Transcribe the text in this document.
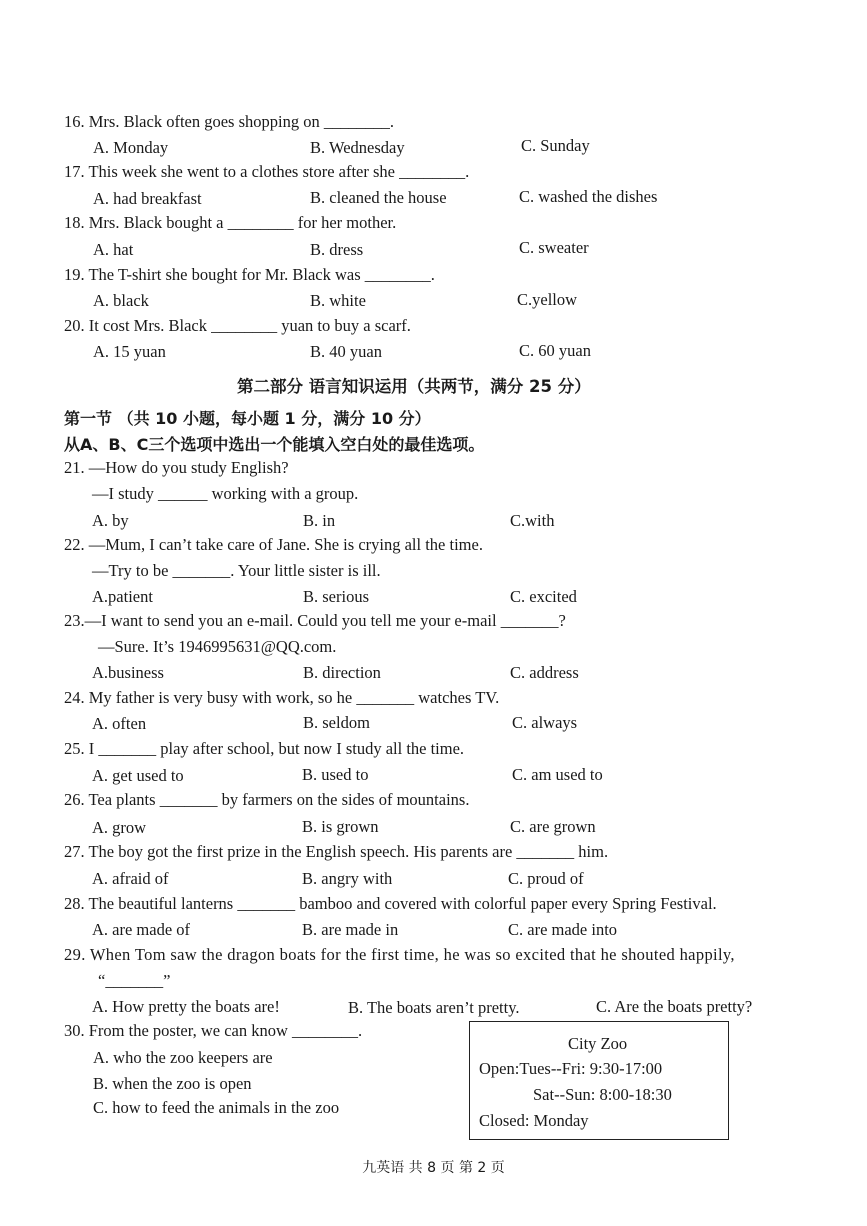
16. Mrs. Black often goes shopping on ________.
A. Monday	B. Wednesday	C. Sunday
17. This week she went to a clothes store after she ________.
A. had breakfast	B. cleaned the house	C. washed the dishes
18. Mrs. Black bought a ________ for her mother.
A. hat	B. dress	C. sweater
19. The T-shirt she bought for Mr. Black was ________.
A. black	B. white	C.yellow
20. It cost Mrs. Black ________ yuan to buy a scarf.
A. 15 yuan	B. 40 yuan	C. 60 yuan
第二部分 语言知识运用（共两节，满分 25 分）
第一节 （共 10 小题，每小题 1 分，满分 10 分）
从A、B、C三个选项中选出一个能填入空白处的最佳选项。
21. —How do you study English?
—I study ______ working with a group.
A. by	B. in	C.with
22. —Mum, I can’t take care of Jane. She is crying all the time.
—Try to be _______. Your little sister is ill.
A.patient	B. serious	C. excited
23.—I want to send you an e-mail. Could you tell me your e-mail _______?
—Sure. It’s 1946995631@QQ.com.
A.business	B. direction	C. address
24. My father is very busy with work, so he _______ watches TV.
A. often	B. seldom	C. always
25. I _______ play after school, but now I study all the time.
A. get used to	B. used to	C. am used to
26. Tea plants _______ by farmers on the sides of mountains.
A. grow	B. is grown	C. are grown
27. The boy got the first prize in the English speech. His parents are _______ him.
A. afraid of	B. angry with	C. proud of
28. The beautiful lanterns _______ bamboo and covered with colorful paper every Spring Festival.
A. are made of	B. are made in	C. are made into
29. When Tom saw the dragon boats for the first time, he was so excited that he shouted happily,
“_______”
A. How pretty the boats are!	B. The boats aren’t pretty.	C. Are the boats pretty?
30. From the poster, we can know ________.
A. who the zoo keepers are
B. when the zoo is open
C. how to feed the animals in the zoo
City Zoo
Open:Tues--Fri: 9:30-17:00
Sat--Sun: 8:00-18:30
Closed: Monday
九英语 共 8 页 第 2 页
